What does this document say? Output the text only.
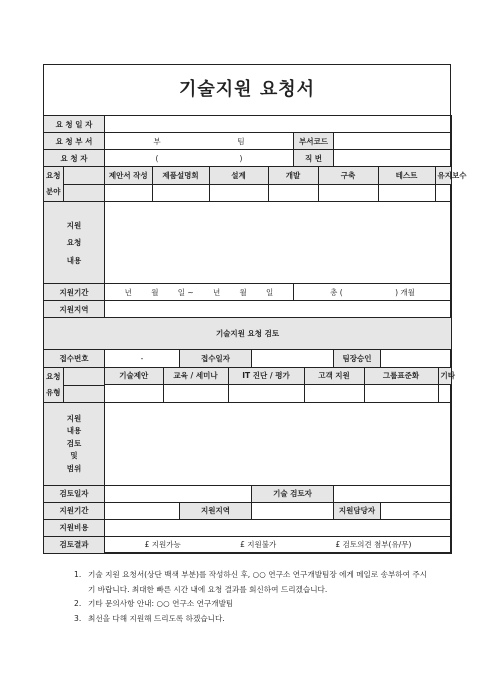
기술지원 요청서
요 청 일 자	
요 청 부 서	부	팀	부서코드	
요 청 자	(	)	직 번	

요청
분야	

제안서 작성	제품설명회	설계	개발	구축	테스트	유지보수

지원
요청
내용

지원기간	년	월	일 ~	년	월	일	총 (	) 개월

지원지역	
기술지원 요청 검토
접수번호	-	접수일자		팀장승인	

요청
유형	

기술제안	교육 / 세미나	IT 진단 / 평가	고객 지원	그룹표준화	기타

지원
내용
검토
및
범위

검토일자		기술 검토자	
지원기간		지원지역		지원담당자	
지원비용	
검토결과	£ 지원가능	£ 지원불가	£ 검토의견 첨부(유/무)
1. 기술 지원 요청서(상단 백색 부분)를 작성하신 후, ○○ 연구소 연구개발팀장 에게 메일로 송부하여 주시
기 바랍니다. 최대한 빠른 시간 내에 요청 결과를 회신하여 드리겠습니다.
2. 기타 문의사항 안내: ○○ 연구소 연구개발팀
3. 최선을 다해 지원해 드리도록 하겠습니다.
